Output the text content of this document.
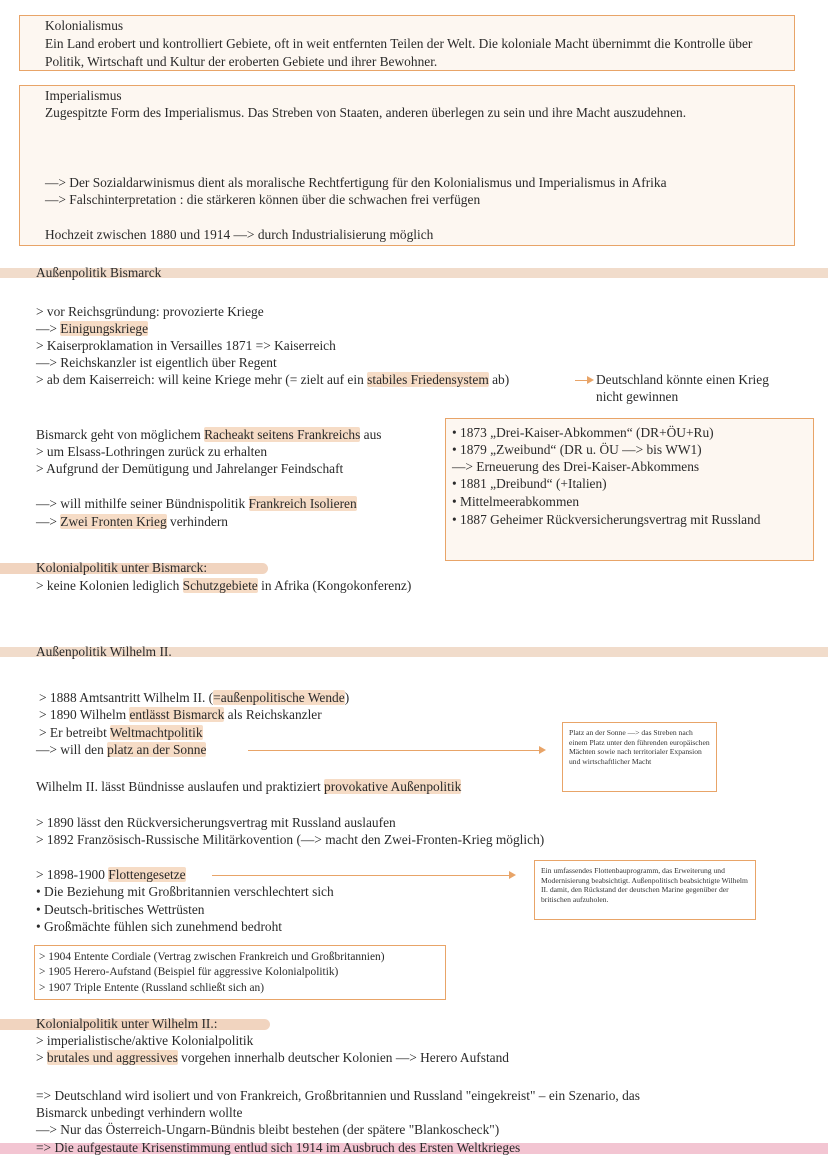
Kolonialismus
Ein Land erobert und kontrolliert Gebiete, oft in weit entfernten Teilen der Welt. Die koloniale Macht übernimmt die Kontrolle über Politik, Wirtschaft und Kultur der eroberten Gebiete und ihrer Bewohner.
Imperialismus
Zugespitzte Form des Imperialismus. Das Streben von Staaten, anderen überlegen zu sein und ihre Macht auszudehnen.
—> Der Sozialdarwinismus dient als moralische Rechtfertigung für den Kolonialismus und Imperialismus in Afrika
—> Falschinterpretation : die stärkeren können über die schwachen frei verfügen
Hochzeit zwischen 1880 und 1914 —> durch Industrialisierung möglich
Außenpolitik Bismarck
> vor Reichsgründung: provozierte Kriege
—> Einigungskriege
> Kaiserproklamation in Versailles 1871 => Kaiserreich
—> Reichskanzler ist eigentlich über Regent
> ab dem Kaiserreich: will keine Kriege mehr (= zielt auf ein stabiles Friedensystem ab)	Deutschland könnte einen Krieg
nicht gewinnen
Bismarck geht von möglichem Racheakt seitens Frankreichs aus
> um Elsass-Lothringen zurück zu erhalten
> Aufgrund der Demütigung und Jahrelanger Feindschaft
—> will mithilfe seiner Bündnispolitik Frankreich Isolieren
—> Zwei Fronten Krieg verhindern
• 1873 „Drei-Kaiser-Abkommen“ (DR+ÖU+Ru)
• 1879 „Zweibund“ (DR u. ÖU —> bis WW1)
—> Erneuerung des Drei-Kaiser-Abkommens
• 1881 „Dreibund“ (+Italien)
• Mittelmeerabkommen
• 1887 Geheimer Rückversicherungsvertrag mit Russland
Kolonialpolitik unter Bismarck:
> keine Kolonien lediglich Schutzgebiete in Afrika (Kongokonferenz)
Außenpolitik Wilhelm II.
> 1888 Amtsantritt Wilhelm II. (=außenpolitische Wende)
> 1890 Wilhelm entlässt Bismarck als Reichskanzler
> Er betreibt Weltmachtpolitik
—> will den platz an der Sonne
Platz an der Sonne —> das Streben nach einem Platz unter den führenden europäischen Mächten sowie nach territorialer Expansion und wirtschaftlicher Macht
Wilhelm II. lässt Bündnisse auslaufen und praktiziert provokative Außenpolitik
> 1890 lässt den Rückversicherungsvertrag mit Russland auslaufen
> 1892 Französisch-Russische Militärkovention (—> macht den Zwei-Fronten-Krieg möglich)
> 1898-1900 Flottengesetze	Ein umfassendes Flottenbauprogramm, das Erweiterung und Modernisierung beabsichtigt. Außenpolitisch beabsichtigte Wilhelm II. damit, den Rückstand der deutschen Marine gegenüber der britischen aufzuholen.
• Die Beziehung mit Großbritannien verschlechtert sich
• Deutsch-britisches Wettrüsten
• Großmächte fühlen sich zunehmend bedroht
> 1904 Entente Cordiale (Vertrag zwischen Frankreich und Großbritannien)
> 1905 Herero-Aufstand (Beispiel für aggressive Kolonialpolitik)
> 1907 Triple Entente (Russland schließt sich an)
Kolonialpolitik unter Wilhelm II.:
> imperialistische/aktive Kolonialpolitik
> brutales und aggressives vorgehen innerhalb deutscher Kolonien —> Herero Aufstand
=> Deutschland wird isoliert und von Frankreich, Großbritannien und Russland "eingekreist" – ein Szenario, das
Bismarck unbedingt verhindern wollte
—> Nur das Österreich-Ungarn-Bündnis bleibt bestehen (der spätere "Blankoscheck")
=> Die aufgestaute Krisenstimmung entlud sich 1914 im Ausbruch des Ersten Weltkrieges
